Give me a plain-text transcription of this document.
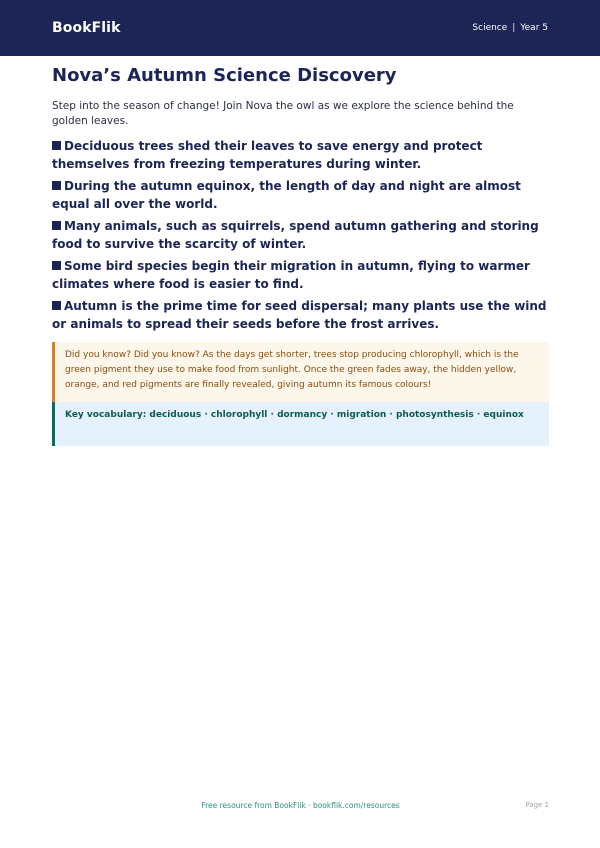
BookFlik	Science | Year 5
Nova’s Autumn Science Discovery

Step into the season of change! Join Nova the owl as we explore the science behind the golden leaves.

Deciduous trees shed their leaves to save energy and protect themselves from freezing temperatures during winter.
During the autumn equinox, the length of day and night are almost equal all over the world.
Many animals, such as squirrels, spend autumn gathering and storing food to survive the scarcity of winter.
Some bird species begin their migration in autumn, flying to warmer climates where food is easier to find.
Autumn is the prime time for seed dispersal; many plants use the wind or animals to spread their seeds before the frost arrives.
Did you know? Did you know? As the days get shorter, trees stop producing chlorophyll, which is the green pigment they use to make food from sunlight. Once the green fades away, the hidden yellow, orange, and red pigments are finally revealed, giving autumn its famous colours!
Key vocabulary: deciduous · chlorophyll · dormancy · migration · photosynthesis · equinox
Free resource from BookFlik · bookflik.com/resources	Page 1
